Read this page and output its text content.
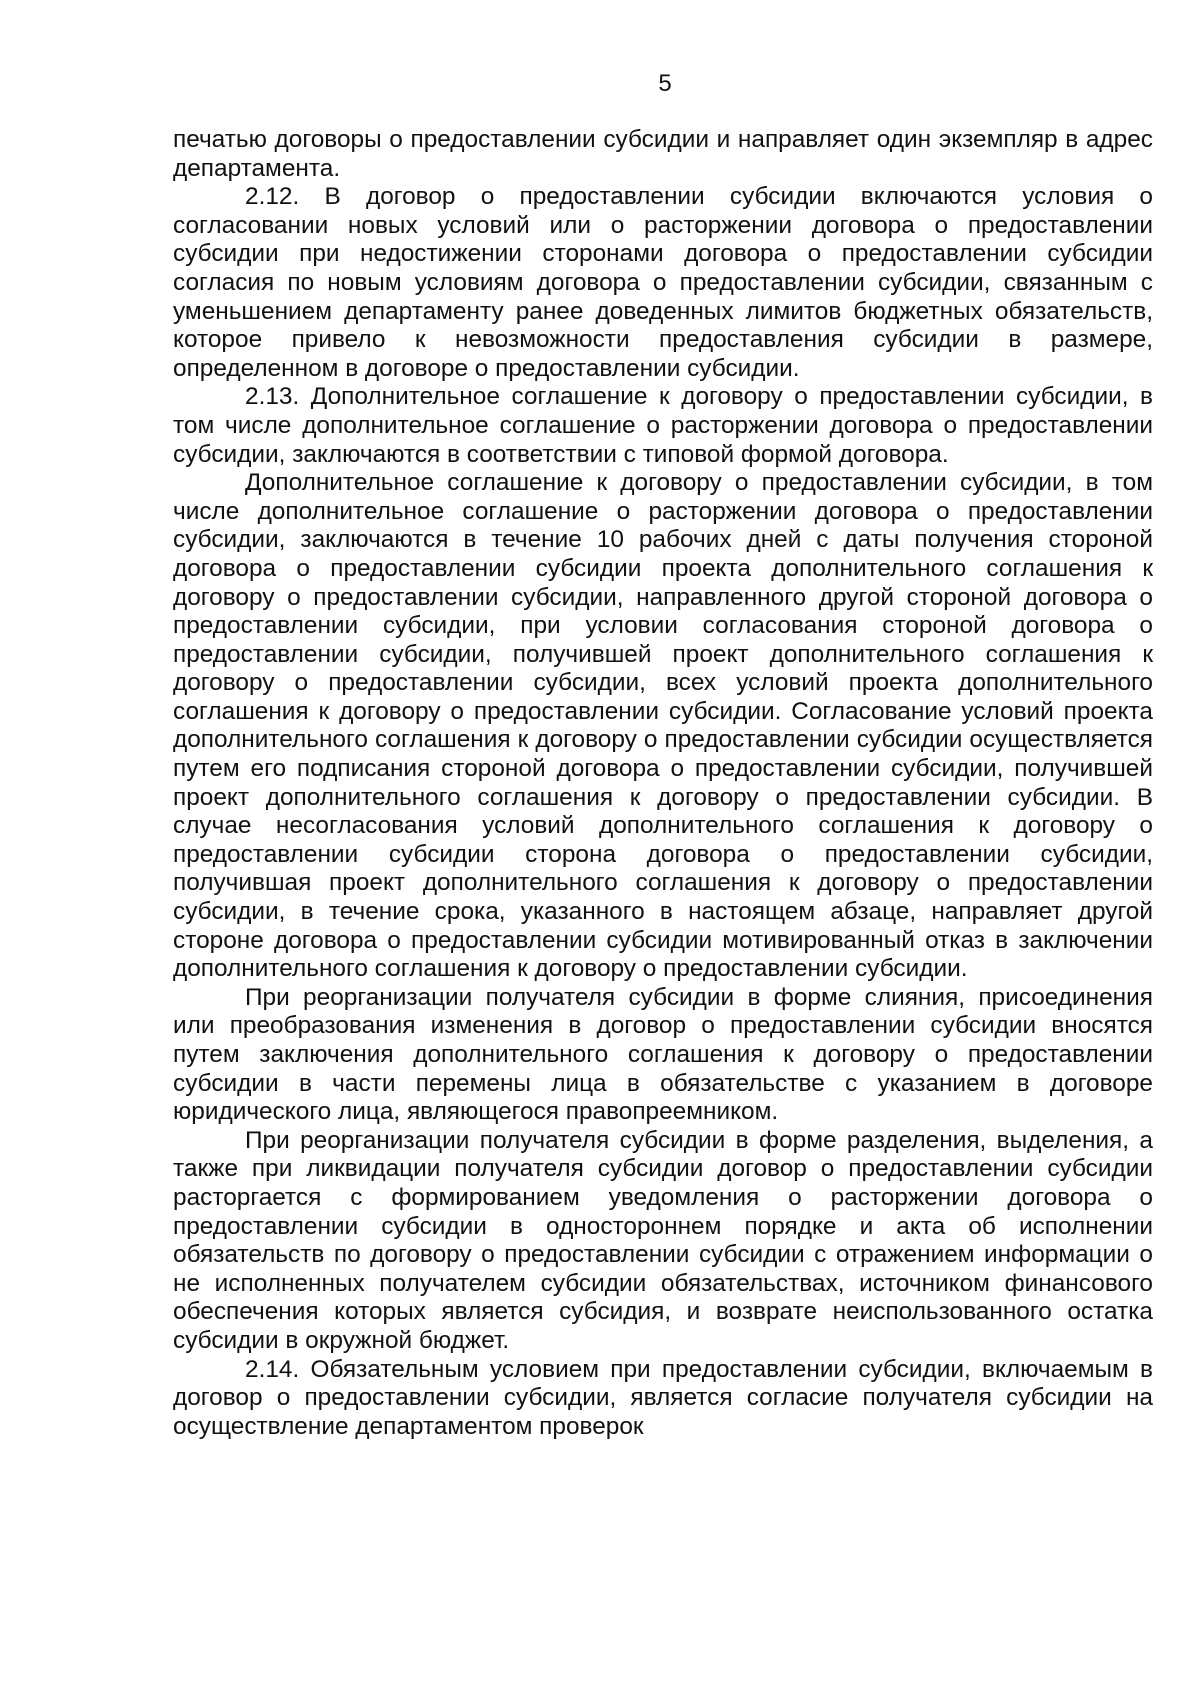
5

печатью договоры о предоставлении субсидии и направляет один экземпляр в адрес департамента.

2.12. В договор о предоставлении субсидии включаются условия о согласовании новых условий или о расторжении договора о предоставлении субсидии при недостижении сторонами договора о предоставлении субсидии согласия по новым условиям договора о предоставлении субсидии, связанным с уменьшением департаменту ранее доведенных лимитов бюджетных обязательств, которое привело к невозможности предоставления субсидии в размере, определенном в договоре о предоставлении субсидии.

2.13. Дополнительное соглашение к договору о предоставлении субсидии, в том числе дополнительное соглашение о расторжении договора о предоставлении субсидии, заключаются в соответствии с типовой формой договора.

Дополнительное соглашение к договору о предоставлении субсидии, в том числе дополнительное соглашение о расторжении договора о предоставлении субсидии, заключаются в течение 10 рабочих дней с даты получения стороной договора о предоставлении субсидии проекта дополнительного соглашения к договору о предоставлении субсидии, направленного другой стороной договора о предоставлении субсидии, при условии согласования стороной договора о предоставлении субсидии, получившей проект дополнительного соглашения к договору о предоставлении субсидии, всех условий проекта дополнительного соглашения к договору о предоставлении субсидии. Согласование условий проекта дополнительного соглашения к договору о предоставлении субсидии осуществляется путем его подписания стороной договора о предоставлении субсидии, получившей проект дополнительного соглашения к договору о предоставлении субсидии. В случае несогласования условий дополнительного соглашения к договору о предоставлении субсидии сторона договора о предоставлении субсидии, получившая проект дополнительного соглашения к договору о предоставлении субсидии, в течение срока, указанного в настоящем абзаце, направляет другой стороне договора о предоставлении субсидии мотивированный отказ в заключении дополнительного соглашения к договору о предоставлении субсидии.

При реорганизации получателя субсидии в форме слияния, присоединения или преобразования изменения в договор о предоставлении субсидии вносятся путем заключения дополнительного соглашения к договору о предоставлении субсидии в части перемены лица в обязательстве с указанием в договоре юридического лица, являющегося правопреемником.

При реорганизации получателя субсидии в форме разделения, выделения, а также при ликвидации получателя субсидии договор о предоставлении субсидии расторгается с формированием уведомления о расторжении договора о предоставлении субсидии в одностороннем порядке и акта об исполнении обязательств по договору о предоставлении субсидии с отражением информации о не исполненных получателем субсидии обязательствах, источником финансового обеспечения которых является субсидия, и возврате неиспользованного остатка субсидии в окружной бюджет.

2.14. Обязательным условием при предоставлении субсидии, включаемым в договор о предоставлении субсидии, является согласие получателя субсидии на осуществление департаментом проверок
